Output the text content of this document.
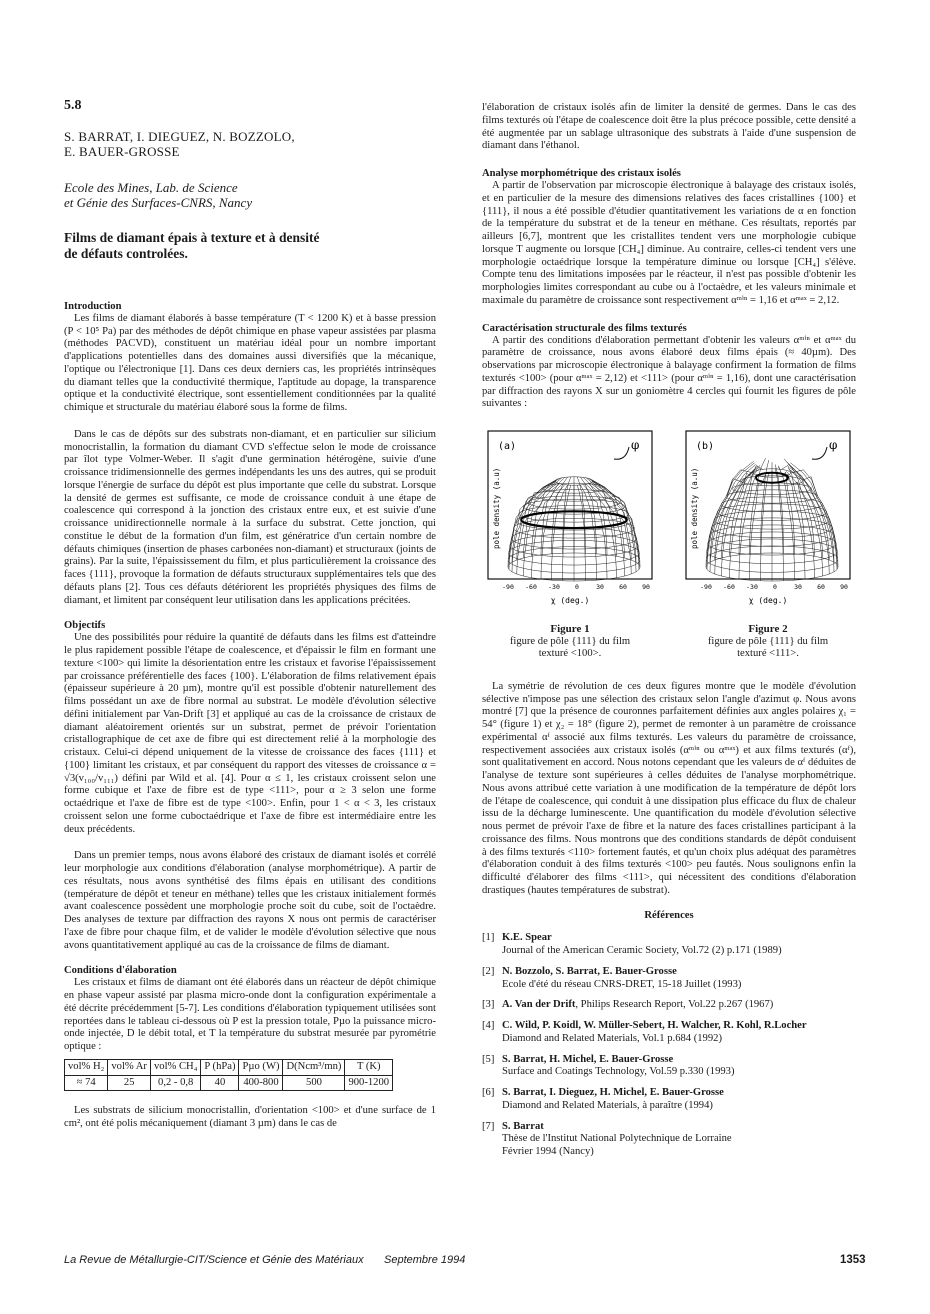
5.8
S. BARRAT, I. DIEGUEZ, N. BOZZOLO,
E. BAUER-GROSSE
Ecole des Mines, Lab. de Science
et Génie des Surfaces-CNRS, Nancy
Films de diamant épais à texture et à densité
de défauts controlées.
Introduction

Les films de diamant élaborés à basse température (T < 1200 K) et à basse pression (P < 10⁵ Pa) par des méthodes de dépôt chimique en phase vapeur assistées par plasma (méthodes PACVD), constituent un matériau idéal pour un nombre important d'applications potentielles dans des domaines aussi diversifiés que la mécanique, l'optique ou l'électronique [1]. Dans ces deux derniers cas, les propriétés intrinsèques du diamant telles que la conductivité thermique, l'aptitude au dopage, la transparence optique et la conductivité électrique, sont essentiellement conditionnées par la qualité chimique et structurale du matériau élaboré sous la forme de films.

Dans le cas de dépôts sur des substrats non-diamant, et en particulier sur silicium monocristallin, la formation du diamant CVD s'effectue selon le mode de croissance par îlot type Volmer-Weber. Il s'agit d'une germination hétérogène, suivie d'une croissance tridimensionnelle des germes indépendants les uns des autres, qui se produit lorsque l'énergie de surface du dépôt est plus importante que celle du substrat. Lorsque la densité de germes est suffisante, ce mode de croissance conduit à une étape de coalescence qui correspond à la jonction des cristaux entre eux, et est suivie d'une croissance unidirectionnelle normale à la surface du substrat. Cette jonction, qui constitue le début de la formation d'un film, est génératrice d'un certain nombre de défauts chimiques (insertion de phases carbonées non-diamant) et structuraux (joints de grains). Par la suite, l'épaississement du film, et plus particulièrement la croissance des faces {111}, provoque la formation de défauts structuraux supplémentaires tels que des défauts plans [2]. Tous ces défauts détériorent les propriétés physiques des films de diamant, et limitent par conséquent leur utilisation dans les applications précitées.

Objectifs

Une des possibilités pour réduire la quantité de défauts dans les films est d'atteindre le plus rapidement possible l'étape de coalescence, et d'épaissir le film en formant une texture <100> qui limite la désorientation entre les cristaux et favorise l'épaississement par croissance préférentielle des faces {100}. L'élaboration de films relativement épais (épaisseur supérieure à 20 µm), montre qu'il est possible d'obtenir naturellement des films possédant un axe de fibre normal au substrat. Le modèle d'évolution sélective défini initialement par Van-Drift [3] et appliqué au cas de la croissance de cristaux de diamant aléatoirement orientés sur un substrat, permet de prévoir l'orientation cristallographique de cet axe de fibre qui est directement relié à la morphologie des cristaux. Celui-ci dépend uniquement de la vitesse de croissance des faces {111} et {100} limitant les cristaux, et par conséquent du rapport des vitesses de croissance α = √3(v₁₀₀/v₁₁₁) défini par Wild et al. [4]. Pour α ≤ 1, les cristaux croissent selon une forme cubique et l'axe de fibre est de type <111>, pour α ≥ 3 selon une forme octaédrique et l'axe de fibre est de type <100>. Enfin, pour 1 < α < 3, les cristaux croissent selon une forme cuboctaédrique et l'axe de fibre est intermédiaire entre les deux précédents.

Dans un premier temps, nous avons élaboré des cristaux de diamant isolés et corrélé leur morphologie aux conditions d'élaboration (analyse morphométrique). A partir de ces résultats, nous avons synthétisé des films épais en utilisant des conditions (température de dépôt et teneur en méthane) telles que les cristaux initialement formés avant coalescence possèdent une morphologie proche soit du cube, soit de l'octaèdre. Des analyses de texture par diffraction des rayons X nous ont permis de caractériser l'axe de fibre pour chaque film, et de valider le modèle d'évolution sélective que nous avons quantitativement appliqué au cas de la croissance de films de diamant.

Conditions d'élaboration

Les cristaux et films de diamant ont été élaborés dans un réacteur de dépôt chimique en phase vapeur assisté par plasma micro-onde dont la configuration expérimentale a été décrite précédemment [5-7]. Les conditions d'élaboration typiquement utilisées sont reportées dans le tableau ci-dessous où P est la pression totale, Pµo la puissance micro-onde injectée, D le débit total, et T la température du substrat mesurée par pyrométrie optique :

vol% H₂	vol% Ar	vol% CH₄	P (hPa)	Pµo (W)	D(Ncm³/mn)	T (K)
≈ 74	25	0,2 - 0,8	40	400-800	500	900-1200

Les substrats de silicium monocristallin, d'orientation <100> et d'une surface de 1 cm², ont été polis mécaniquement (diamant 3 µm) dans le cas de

l'élaboration de cristaux isolés afin de limiter la densité de germes. Dans le cas des films texturés où l'étape de coalescence doit être la plus précoce possible, cette densité a été augmentée par un sablage ultrasonique des substrats à l'aide d'une suspension de diamant dans l'éthanol.

Analyse morphométrique des cristaux isolés

A partir de l'observation par microscopie électronique à balayage des cristaux isolés, et en particulier de la mesure des dimensions relatives des faces cristallines {100} et {111}, il nous a été possible d'étudier quantitativement les variations de α en fonction de la température du substrat et de la teneur en méthane. Ces résultats, reportés par ailleurs [6,7], montrent que les cristallites tendent vers une morphologie cubique lorsque T augmente ou lorsque [CH₄] diminue. Au contraire, celles-ci tendent vers une morphologie octaédrique lorsque la température diminue ou lorsque [CH₄] s'élève. Compte tenu des limitations imposées par le réacteur, il n'est pas possible d'obtenir les morphologies limites correspondant au cube ou à l'octaèdre, et les valeurs minimale et maximale du paramètre de croissance sont respectivement αᵐⁱⁿ = 1,16 et αᵐᵃˣ = 2,12.

Caractérisation structurale des films texturés

A partir des conditions d'élaboration permettant d'obtenir les valeurs αᵐⁱⁿ et αᵐᵃˣ du paramètre de croissance, nous avons élaboré deux films épais (≈ 40µm). Des observations par microscopie électronique à balayage confirment la formation de films texturés <100> (pour αᵐᵃˣ = 2,12) et <111> (pour αᵐⁱⁿ = 1,16), dont une caractérisation par diffraction des rayons X sur un goniomètre 4 cercles qui fournit les figures de pôle suivantes :

(a)	φ
pole density (a.u)
-90 -60 -30 0	30 60 90
χ (deg.)
Figure 1
figure de pôle {111} du film
texturé <100>.
(b)	φ
pole density (a.u)
-90 -60 -30 0	30 60 90
χ (deg.)
Figure 2
figure de pôle {111} du film
texturé <111>.

La symétrie de révolution de ces deux figures montre que le modèle d'évolution sélective n'impose pas une sélection des cristaux selon l'angle d'azimut φ. Nous avons montré [7] que la présence de couronnes parfaitement définies aux angles polaires χ₁ = 54° (figure 1) et χ₂ = 18° (figure 2), permet de remonter à un paramètre de croissance expérimental αᶠ associé aux films texturés. Les valeurs du paramètre de croissance, respectivement associées aux cristaux isolés (αᵐⁱⁿ ou αᵐᵃˣ) et aux films texturés (αᶠ), sont qualitativement en accord. Nous notons cependant que les valeurs de αᶠ déduites de l'analyse de texture sont supérieures à celles déduites de l'analyse morphométrique. Nous avons attribué cette variation à une modification de la température de dépôt lors de l'étape de coalescence, qui conduit à une dissipation plus efficace du flux de chaleur issu de la décharge luminescente. Une quantification du modèle d'évolution sélective nous permet de prévoir l'axe de fibre et la nature des faces cristallines participant à la croissance des films. Nous montrons que des conditions standards de dépôt conduisent à des films texturés <110> fortement fautés, et qu'un choix plus adéquat des paramètres d'élaboration conduit à des films texturés <100> peu fautés. Nous soulignons enfin la difficulté d'élaborer des films <111>, qui nécessitent des conditions d'élaboration drastiques (hautes températures de substrat).

Références
[1] K.E. Spear
Journal of the American Ceramic Society, Vol.72 (2) p.171 (1989)
[2] N. Bozzolo, S. Barrat, E. Bauer-Grosse
Ecole d'été du réseau CNRS-DRET, 15-18 Juillet (1993)
[3] A. Van der Drift, Philips Research Report, Vol.22 p.267 (1967)
[4] C. Wild, P. Koidl, W. Müller-Sebert, H. Walcher, R. Kohl, R.Locher
Diamond and Related Materials, Vol.1 p.684 (1992)
[5] S. Barrat, H. Michel, E. Bauer-Grosse
Surface and Coatings Technology, Vol.59 p.330 (1993)
[6] S. Barrat, I. Dieguez, H. Michel, E. Bauer-Grosse
Diamond and Related Materials, à paraître (1994)
[7] S. Barrat
Thèse de l'Institut National Polytechnique de Lorraine
Février 1994 (Nancy)
La Revue de Métallurgie-CIT/Science et Génie des Matériaux Septembre 1994	1353
